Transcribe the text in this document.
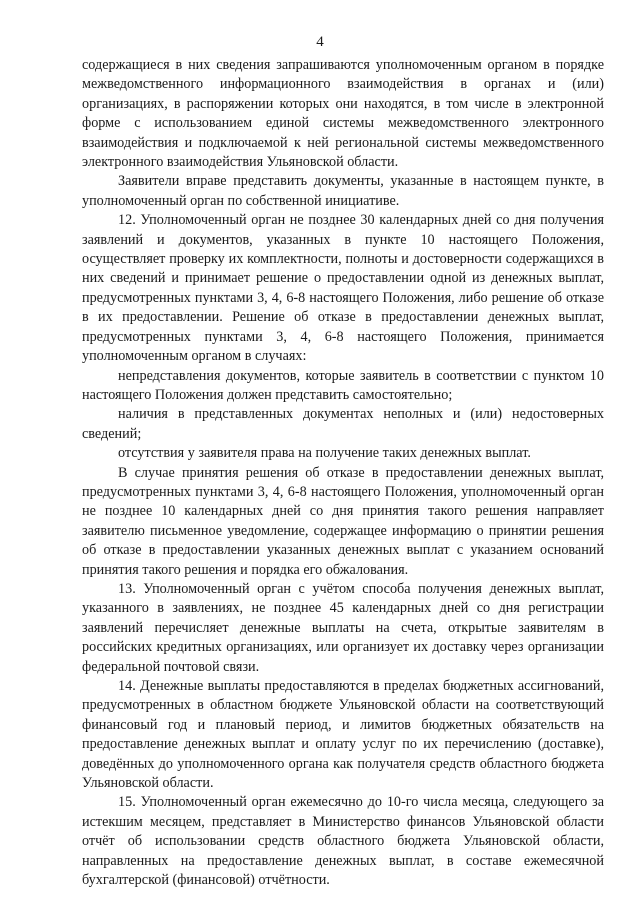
4

содержащиеся в них сведения запрашиваются уполномоченным органом в порядке межведомственного информационного взаимодействия в органах и (или) организациях, в распоряжении которых они находятся, в том числе в электронной форме с использованием единой системы межведомственного электронного взаимодействия и подключаемой к ней региональной системы межведомственного электронного взаимодействия Ульяновской области.

Заявители вправе представить документы, указанные в настоящем пункте, в уполномоченный орган по собственной инициативе.

12. Уполномоченный орган не позднее 30 календарных дней со дня получения заявлений и документов, указанных в пункте 10 настоящего Положения, осуществляет проверку их комплектности, полноты и достоверности содержащихся в них сведений и принимает решение о предоставлении одной из денежных выплат, предусмотренных пунктами 3, 4, 6-8 настоящего Положения, либо решение об отказе в их предоставлении. Решение об отказе в предоставлении денежных выплат, предусмотренных пунктами 3, 4, 6-8 настоящего Положения, принимается уполномоченным органом в случаях:

непредставления документов, которые заявитель в соответствии с пунктом 10 настоящего Положения должен представить самостоятельно;

наличия в представленных документах неполных и (или) недостоверных сведений;

отсутствия у заявителя права на получение таких денежных выплат.

В случае принятия решения об отказе в предоставлении денежных выплат, предусмотренных пунктами 3, 4, 6-8 настоящего Положения, уполномоченный орган не позднее 10 календарных дней со дня принятия такого решения направляет заявителю письменное уведомление, содержащее информацию о принятии решения об отказе в предоставлении указанных денежных выплат с указанием оснований принятия такого решения и порядка его обжалования.

13. Уполномоченный орган с учётом способа получения денежных выплат, указанного в заявлениях, не позднее 45 календарных дней со дня регистрации заявлений перечисляет денежные выплаты на счета, открытые заявителям в российских кредитных организациях, или организует их доставку через организации федеральной почтовой связи.

14. Денежные выплаты предоставляются в пределах бюджетных ассигнований, предусмотренных в областном бюджете Ульяновской области на соответствующий финансовый год и плановый период, и лимитов бюджетных обязательств на предоставление денежных выплат и оплату услуг по их перечислению (доставке), доведённых до уполномоченного органа как получателя средств областного бюджета Ульяновской области.

15. Уполномоченный орган ежемесячно до 10-го числа месяца, следующего за истекшим месяцем, представляет в Министерство финансов Ульяновской области отчёт об использовании средств областного бюджета Ульяновской области, направленных на предоставление денежных выплат, в составе ежемесячной бухгалтерской (финансовой) отчётности.
